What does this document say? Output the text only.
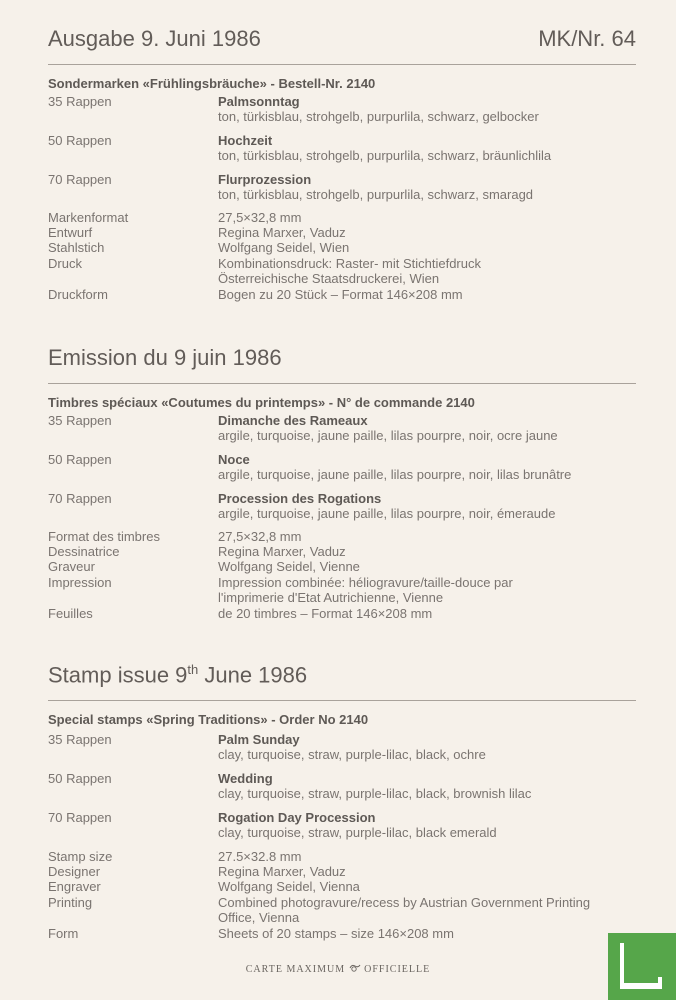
Ausgabe 9. Juni 1986	MK/Nr. 64
Sondermarken «Frühlingsbräuche» - Bestell-Nr. 2140
35 Rappen	Palmsonntag
ton, türkisblau, strohgelb, purpurlila, schwarz, gelbocker
50 Rappen	Hochzeit
ton, türkisblau, strohgelb, purpurlila, schwarz, bräunlichlila
70 Rappen	Flurprozession
ton, türkisblau, strohgelb, purpurlila, schwarz, smaragd
Markenformat	27,5×32,8 mm
Entwurf	Regina Marxer, Vaduz
Stahlstich	Wolfgang Seidel, Wien
Druck	Kombinationsdruck: Raster- mit Stichtiefdruck
Österreichische Staatsdruckerei, Wien
Druckform	Bogen zu 20 Stück – Format 146×208 mm
Emission du 9 juin 1986
Timbres spéciaux «Coutumes du printemps» - N° de commande 2140
35 Rappen	Dimanche des Rameaux
argile, turquoise, jaune paille, lilas pourpre, noir, ocre jaune
50 Rappen	Noce
argile, turquoise, jaune paille, lilas pourpre, noir, lilas brunâtre
70 Rappen	Procession des Rogations
argile, turquoise, jaune paille, lilas pourpre, noir, émeraude
Format des timbres	27,5×32,8 mm
Dessinatrice	Regina Marxer, Vaduz
Graveur	Wolfgang Seidel, Vienne
Impression	Impression combinée: héliogravure/taille-douce par
l'imprimerie d'Etat Autrichienne, Vienne
Feuilles	de 20 timbres – Format 146×208 mm
Stamp issue 9th June 1986
Special stamps «Spring Traditions» - Order No 2140
35 Rappen	Palm Sunday
clay, turquoise, straw, purple-lilac, black, ochre
50 Rappen	Wedding
clay, turquoise, straw, purple-lilac, black, brownish lilac
70 Rappen	Rogation Day Procession
clay, turquoise, straw, purple-lilac, black emerald
Stamp size	27.5×32.8 mm
Designer	Regina Marxer, Vaduz
Engraver	Wolfgang Seidel, Vienna
Printing	Combined photogravure/recess by Austrian Government Printing
Office, Vienna
Form	Sheets of 20 stamps – size 146×208 mm
CARTE MAXIMUM OFFICIELLE
